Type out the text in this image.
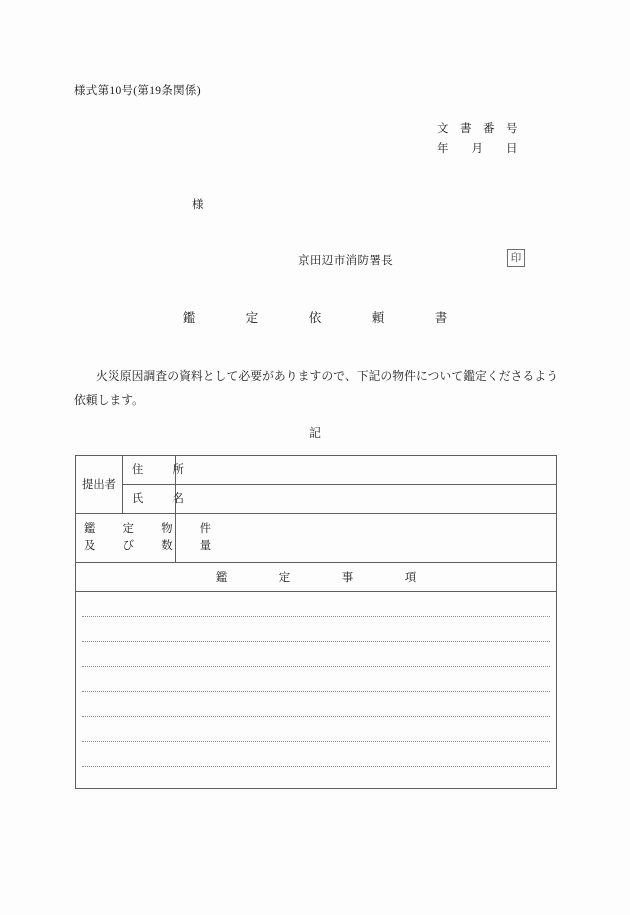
様式第10号(第19条関係)
文　書　番　号
年　　月　　日
様
京田辺市消防署長	印
鑑　定　依　頼　書
火災原因調査の資料として必要がありますので、下記の物件について鑑定くださるよう依頼します。
記
提出者	住　所	
	氏　名	

鑑　定　物　件
及　び　数　量		

鑑　定　事　項		
